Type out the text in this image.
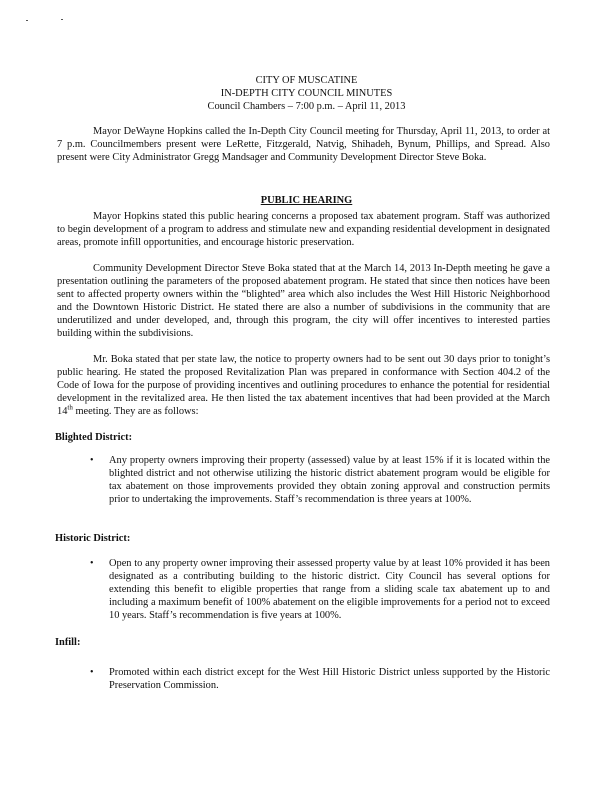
CITY OF MUSCATINE
IN-DEPTH CITY COUNCIL MINUTES
Council Chambers – 7:00 p.m. – April 11, 2013

Mayor DeWayne Hopkins called the In-Depth City Council meeting for Thursday, April 11, 2013, to order at 7 p.m. Councilmembers present were LeRette, Fitzgerald, Natvig, Shihadeh, Bynum, Phillips, and Spread. Also present were City Administrator Gregg Mandsager and Community Development Director Steve Boka.

PUBLIC HEARING

Mayor Hopkins stated this public hearing concerns a proposed tax abatement program. Staff was authorized to begin development of a program to address and stimulate new and expanding residential development in designated areas, promote infill opportunities, and encourage historic preservation.

Community Development Director Steve Boka stated that at the March 14, 2013 In-Depth meeting he gave a presentation outlining the parameters of the proposed abatement program. He stated that since then notices have been sent to affected property owners within the “blighted” area which also includes the West Hill Historic Neighborhood and the Downtown Historic District. He stated there are also a number of subdivisions in the community that are underutilized and under developed, and, through this program, the city will offer incentives to interested parties building within the subdivisions.

Mr. Boka stated that per state law, the notice to property owners had to be sent out 30 days prior to tonight’s public hearing. He stated the proposed Revitalization Plan was prepared in conformance with Section 404.2 of the Code of Iowa for the purpose of providing incentives and outlining procedures to enhance the potential for residential development in the revitalized area. He then listed the tax abatement incentives that had been provided at the March 14th meeting. They are as follows:

Blighted District:

• Any property owners improving their property (assessed) value by at least 15% if it is located within the blighted district and not otherwise utilizing the historic district abatement program would be eligible for tax abatement on those improvements provided they obtain zoning approval and construction permits prior to undertaking the improvements. Staff’s recommendation is three years at 100%.

Historic District:

• Open to any property owner improving their assessed property value by at least 10% provided it has been designated as a contributing building to the historic district. City Council has several options for extending this benefit to eligible properties that range from a sliding scale tax abatement up to and including a maximum benefit of 100% abatement on the eligible improvements for a period not to exceed 10 years. Staff’s recommendation is five years at 100%.

Infill:

• Promoted within each district except for the West Hill Historic District unless supported by the Historic Preservation Commission.
